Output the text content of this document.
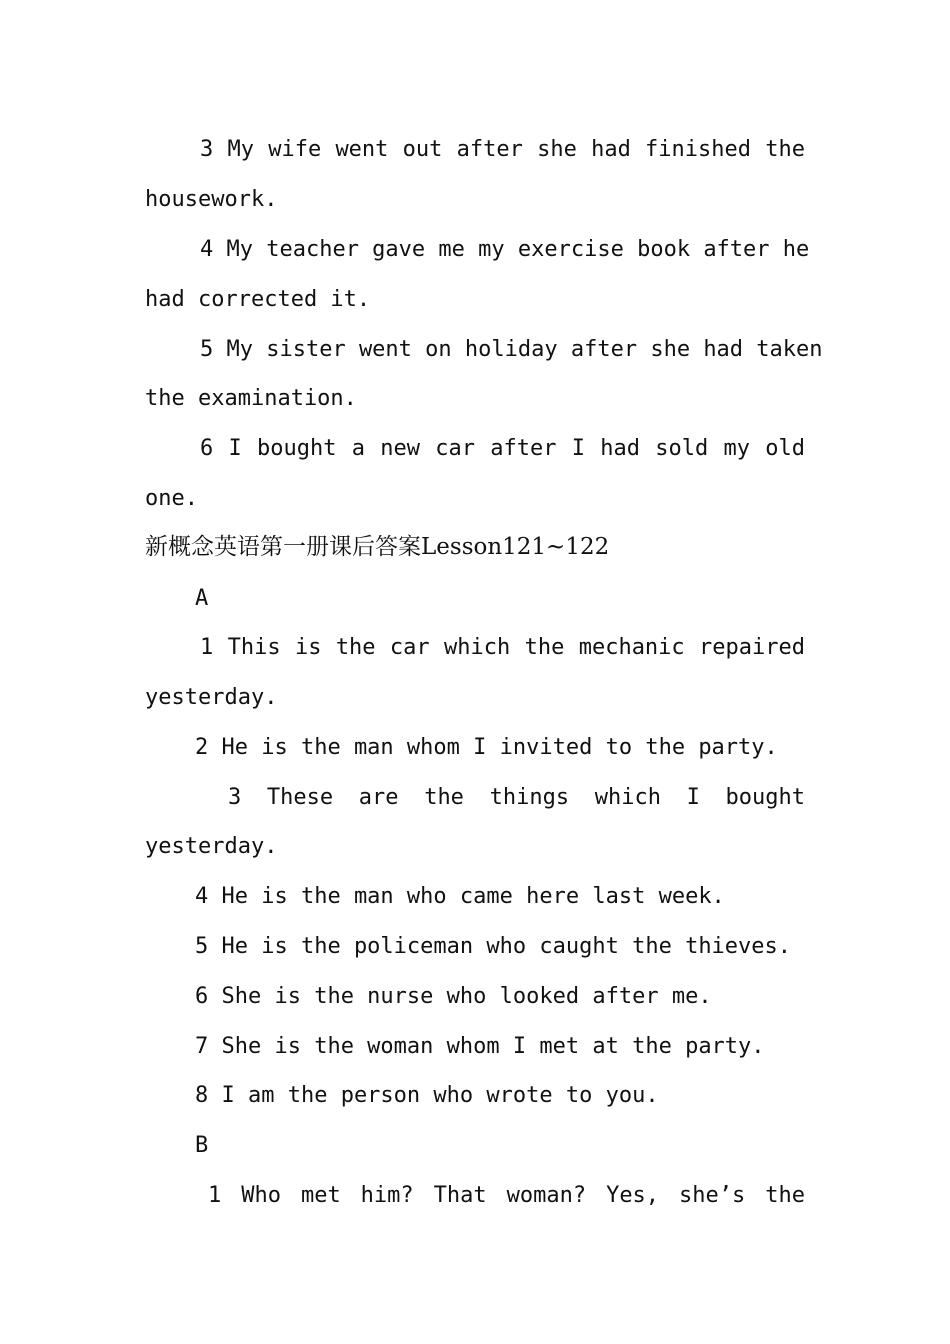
3 My wife went out after she had finished the
housework.
4 My teacher gave me my exercise book after he
had corrected it.
5 My sister went on holiday after she had taken
the examination.
6 I bought a new car after I had sold my old
one.
新概念英语第一册课后答案Lesson121~122
A
1 This is the car which the mechanic repaired
yesterday.
2 He is the man whom I invited to the party.
3 These are the things which I bought
yesterday.
4 He is the man who came here last week.
5 He is the policeman who caught the thieves.
6 She is the nurse who looked after me.
7 She is the woman whom I met at the party.
8 I am the person who wrote to you.
B
1 Who met him? That woman? Yes, she’s the
